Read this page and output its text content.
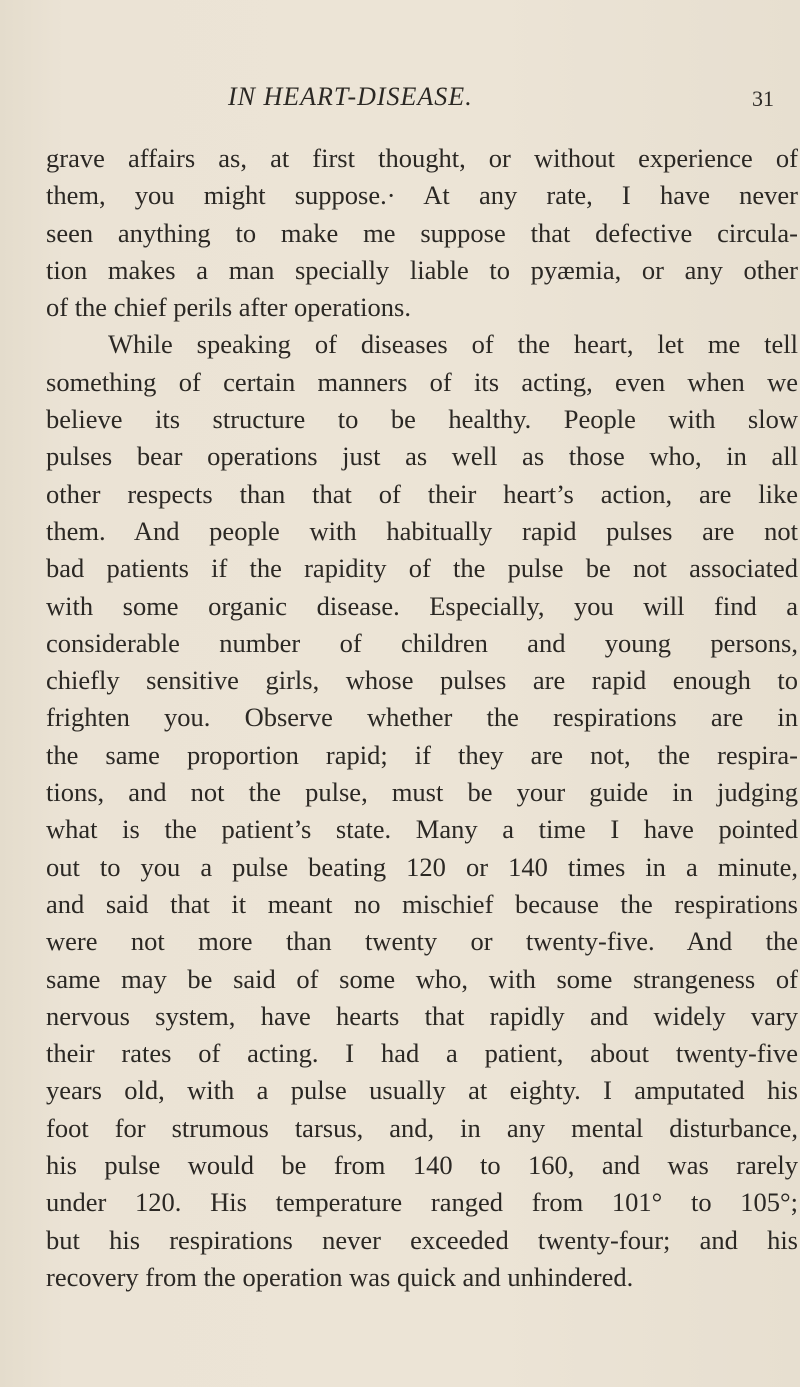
IN HEART-DISEASE.	31
grave affairs as, at first thought, or without experience of
them, you might suppose.· At any rate, I have never
seen anything to make me suppose that defective circula-
tion makes a man specially liable to pyæmia, or any other
of the chief perils after operations.
While speaking of diseases of the heart, let me tell
something of certain manners of its acting, even when we
believe its structure to be healthy. People with slow
pulses bear operations just as well as those who, in all
other respects than that of their heart’s action, are like
them. And people with habitually rapid pulses are not
bad patients if the rapidity of the pulse be not associated
with some organic disease. Especially, you will find a
considerable number of children and young persons,
chiefly sensitive girls, whose pulses are rapid enough to
frighten you. Observe whether the respirations are in
the same proportion rapid; if they are not, the respira-
tions, and not the pulse, must be your guide in judging
what is the patient’s state. Many a time I have pointed
out to you a pulse beating 120 or 140 times in a minute,
and said that it meant no mischief because the respirations
were not more than twenty or twenty-five. And the
same may be said of some who, with some strangeness of
nervous system, have hearts that rapidly and widely vary
their rates of acting. I had a patient, about twenty-five
years old, with a pulse usually at eighty. I amputated his
foot for strumous tarsus, and, in any mental disturbance,
his pulse would be from 140 to 160, and was rarely
under 120. His temperature ranged from 101° to 105°;
but his respirations never exceeded twenty-four; and his
recovery from the operation was quick and unhindered.
